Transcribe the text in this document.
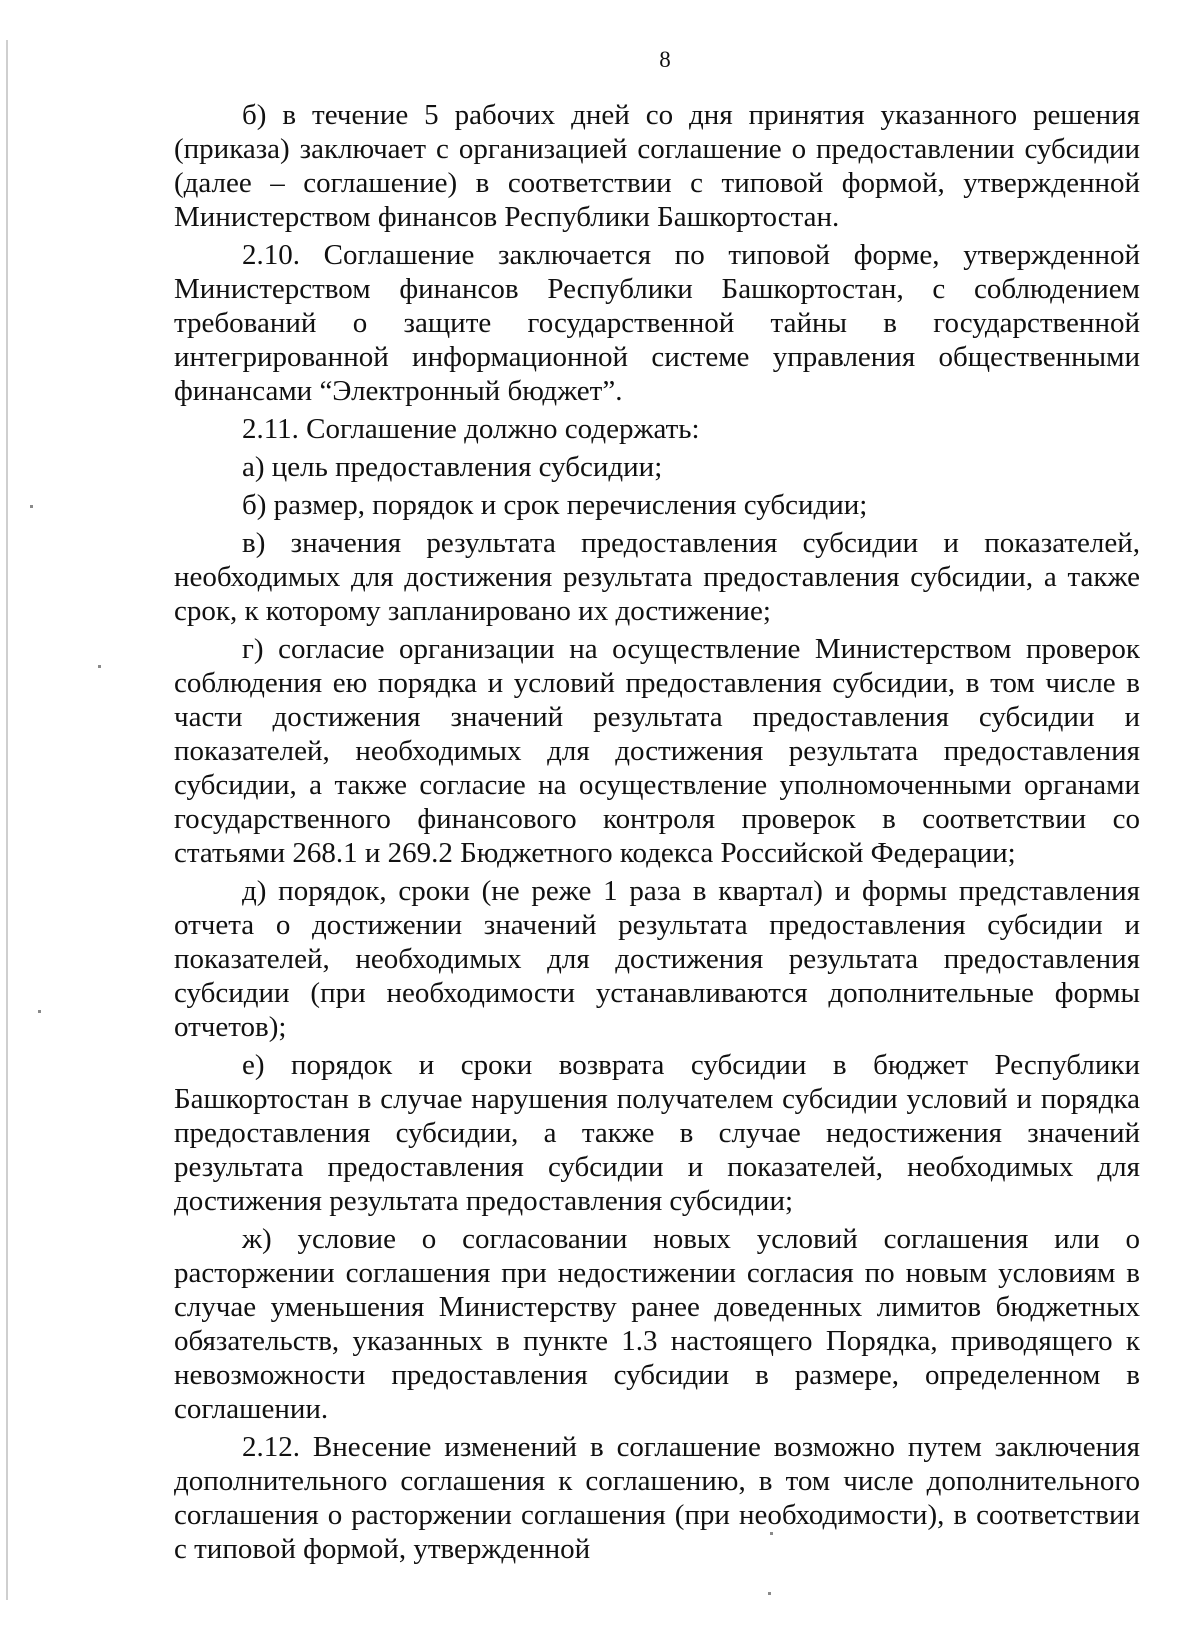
8

б) в течение 5 рабочих дней со дня принятия указанного решения (приказа) заключает с организацией соглашение о предоставлении субсидии (далее – соглашение) в соответствии с типовой формой, утвержденной Министерством финансов Республики Башкортостан.

2.10. Соглашение заключается по типовой форме, утвержденной Министерством финансов Республики Башкортостан, с соблюдением требований о защите государственной тайны в государственной интегрированной информационной системе управления общественными финансами “Электронный бюджет”.

2.11. Соглашение должно содержать:

а) цель предоставления субсидии;

б) размер, порядок и срок перечисления субсидии;

в) значения результата предоставления субсидии и показателей, необходимых для достижения результата предоставления субсидии, а также срок, к которому запланировано их достижение;

г) согласие организации на осуществление Министерством проверок соблюдения ею порядка и условий предоставления субсидии, в том числе в части достижения значений результата предоставления субсидии и показателей, необходимых для достижения результата предоставления субсидии, а также согласие на осуществление уполномоченными органами государственного финансового контроля проверок в соответствии со статьями 268.1 и 269.2 Бюджетного кодекса Российской Федерации;

д) порядок, сроки (не реже 1 раза в квартал) и формы представления отчета о достижении значений результата предоставления субсидии и показателей, необходимых для достижения результата предоставления субсидии (при необходимости устанавливаются дополнительные формы отчетов);

е) порядок и сроки возврата субсидии в бюджет Республики Башкортостан в случае нарушения получателем субсидии условий и порядка предоставления субсидии, а также в случае недостижения значений результата предоставления субсидии и показателей, необходимых для достижения результата предоставления субсидии;

ж) условие о согласовании новых условий соглашения или о расторжении соглашения при недостижении согласия по новым условиям в случае уменьшения Министерству ранее доведенных лимитов бюджетных обязательств, указанных в пункте 1.3 настоящего Порядка, приводящего к невозможности предоставления субсидии в размере, определенном в соглашении.

2.12. Внесение изменений в соглашение возможно путем заключения дополнительного соглашения к соглашению, в том числе дополнительного соглашения о расторжении соглашения (при необходимости), в соответствии с типовой формой, утвержденной
